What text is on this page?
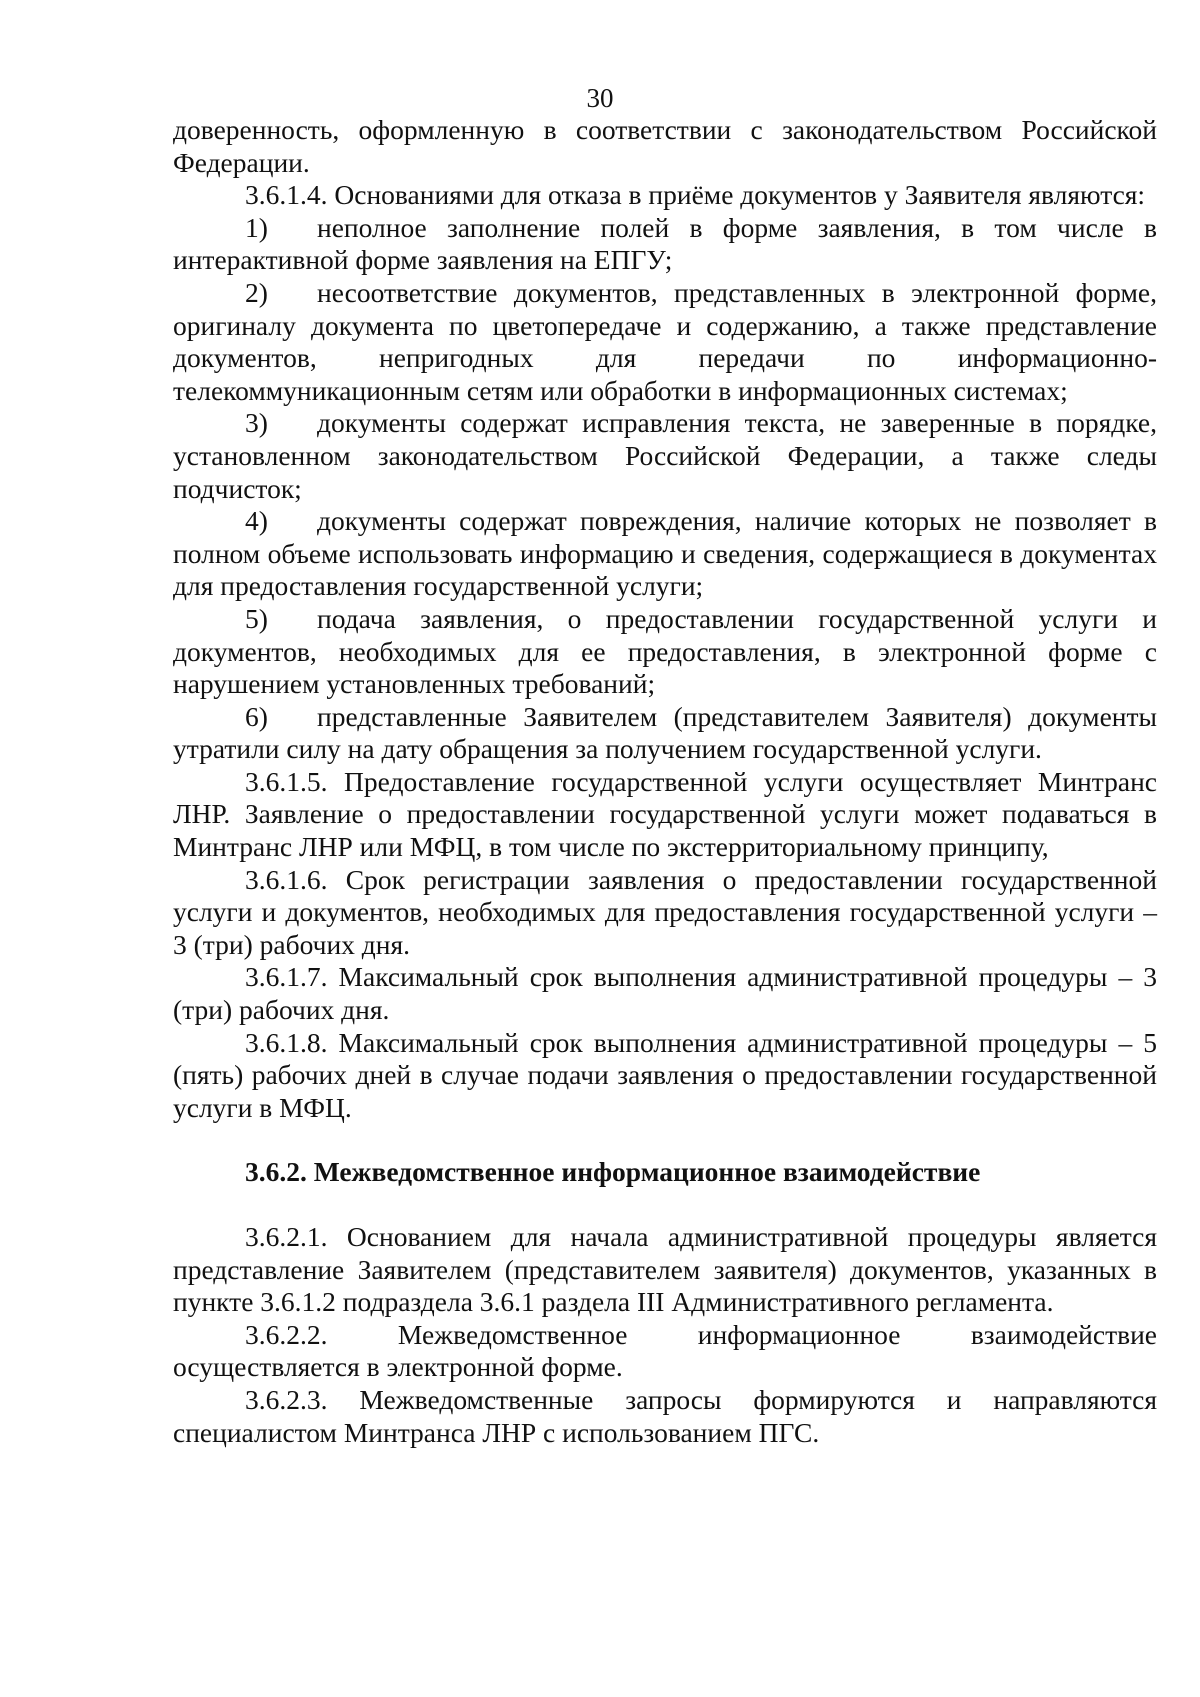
30

доверенность, оформленную в соответствии с законодательством Российской Федерации.

3.6.1.4. Основаниями для отказа в приёме документов у Заявителя являются:

1) неполное заполнение полей в форме заявления, в том числе в интерактивной форме заявления на ЕПГУ;

2) несоответствие документов, представленных в электронной форме, оригиналу документа по цветопередаче и содержанию, а также представление документов, непригодных для передачи по информационно-телекоммуникационным сетям или обработки в информационных системах;

3) документы содержат исправления текста, не заверенные в порядке, установленном законодательством Российской Федерации, а также следы подчисток;

4) документы содержат повреждения, наличие которых не позволяет в полном объеме использовать информацию и сведения, содержащиеся в документах для предоставления государственной услуги;

5) подача заявления, о предоставлении государственной услуги и документов, необходимых для ее предоставления, в электронной форме с нарушением установленных требований;

6) представленные Заявителем (представителем Заявителя) документы утратили силу на дату обращения за получением государственной услуги.

3.6.1.5. Предоставление государственной услуги осуществляет Минтранс ЛНР. Заявление о предоставлении государственной услуги может подаваться в Минтранс ЛНР или МФЦ, в том числе по экстерриториальному принципу,

3.6.1.6. Срок регистрации заявления о предоставлении государственной услуги и документов, необходимых для предоставления государственной услуги – 3 (три) рабочих дня.

3.6.1.7. Максимальный срок выполнения административной процедуры – 3 (три) рабочих дня.

3.6.1.8. Максимальный срок выполнения административной процедуры – 5 (пять) рабочих дней в случае подачи заявления о предоставлении государственной услуги в МФЦ.

3.6.2. Межведомственное информационное взаимодействие

3.6.2.1. Основанием для начала административной процедуры является представление Заявителем (представителем заявителя) документов, указанных в пункте 3.6.1.2 подраздела 3.6.1 раздела III Административного регламента.

3.6.2.2. Межведомственное информационное взаимодействие осуществляется в электронной форме.

3.6.2.3. Межведомственные запросы формируются и направляются специалистом Минтранса ЛНР с использованием ПГС.
